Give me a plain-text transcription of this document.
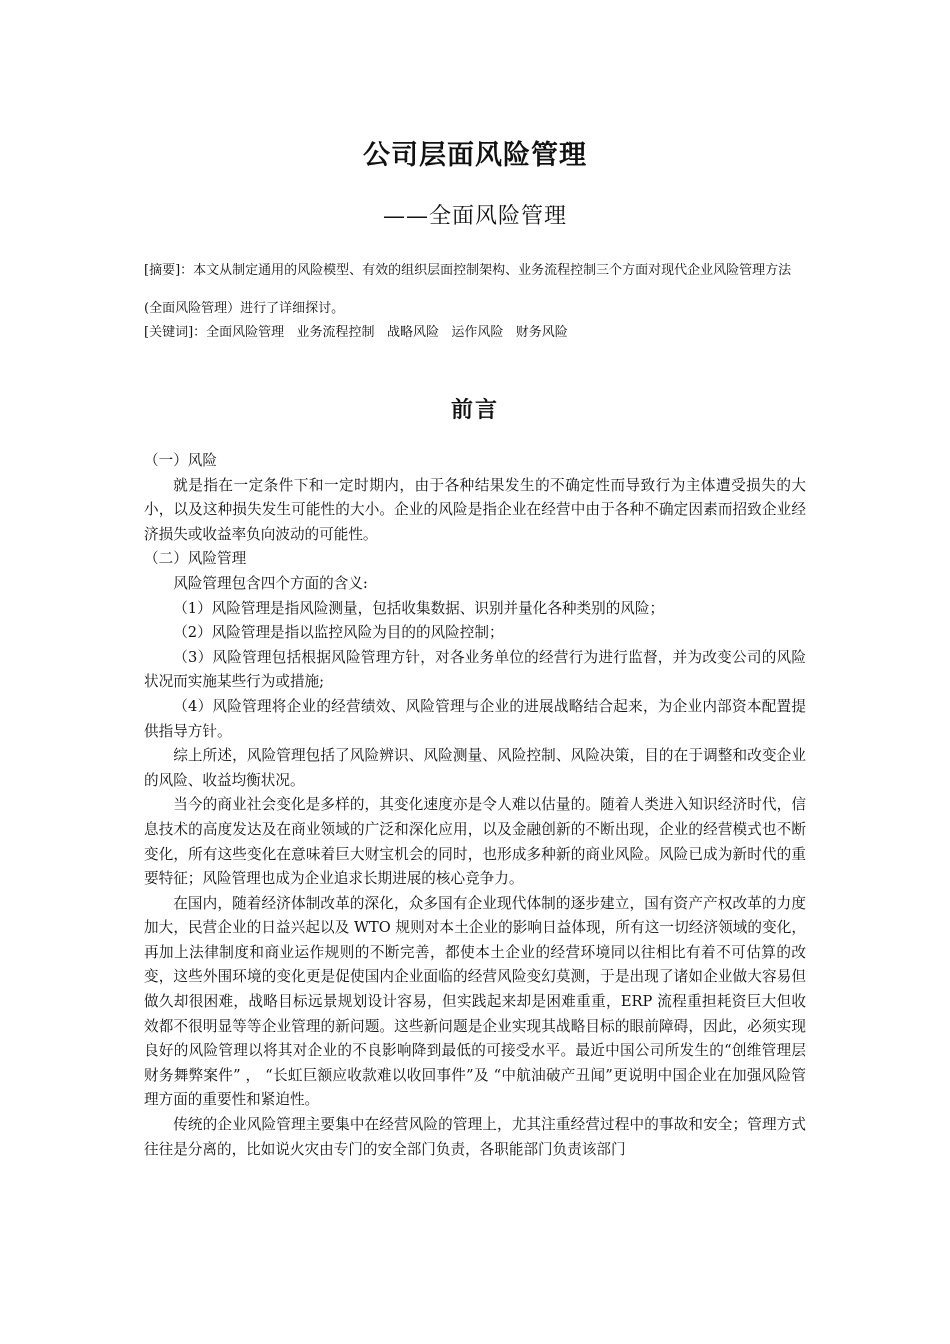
公司层面风险管理
——全面风险管理

[摘要]：本文从制定通用的风险模型、有效的组织层面控制架构、业务流程控制三个方面对现代企业风险管理方法 (全面风险管理）进行了详细探讨。

[关键词]：全面风险管理   业务流程控制   战略风险   运作风险   财务风险

前言

（一）风险

就是指在一定条件下和一定时期内，由于各种结果发生的不确定性而导致行为主体遭受损失的大小，以及这种损失发生可能性的大小。企业的风险是指企业在经营中由于各种不确定因素而招致企业经济损失或收益率负向波动的可能性。

（二）风险管理

风险管理包含四个方面的含义:

（1）风险管理是指风险测量，包括收集数据、识别并量化各种类别的风险；

（2）风险管理是指以监控风险为目的的风险控制；

（3）风险管理包括根据风险管理方针，对各业务单位的经营行为进行监督，并为改变公司的风险状况而实施某些行为或措施;

（4）风险管理将企业的经营绩效、风险管理与企业的进展战略结合起来，为企业内部资本配置提供指导方针。

综上所述，风险管理包括了风险辨识、风险测量、风险控制、风险决策，目的在于调整和改变企业的风险、收益均衡状况。

当今的商业社会变化是多样的，其变化速度亦是令人难以估量的。随着人类进入知识经济时代，信息技术的高度发达及在商业领域的广泛和深化应用，以及金融创新的不断出现，企业的经营模式也不断变化，所有这些变化在意味着巨大财宝机会的同时，也形成多种新的商业风险。风险已成为新时代的重要特征；风险管理也成为企业追求长期进展的核心竞争力。

在国内，随着经济体制改革的深化，众多国有企业现代体制的逐步建立，国有资产产权改革的力度加大，民营企业的日益兴起以及 WTO 规则对本土企业的影响日益体现，所有这一切经济领域的变化，再加上法律制度和商业运作规则的不断完善，都使本土企业的经营环境同以往相比有着不可估算的改变，这些外围环境的变化更是促使国内企业面临的经营风险变幻莫测，于是出现了诸如企业做大容易但做久却很困难，战略目标远景规划设计容易，但实践起来却是困难重重，ERP 流程重担耗资巨大但收效都不很明显等等企业管理的新问题。这些新问题是企业实现其战略目标的眼前障碍，因此，必须实现良好的风险管理以将其对企业的不良影响降到最低的可接受水平。最近中国公司所发生的“创维管理层财务舞弊案件” ， “长虹巨额应收款难以收回事件”及 “中航油破产丑闻”更说明中国企业在加强风险管理方面的重要性和紧迫性。

传统的企业风险管理主要集中在经营风险的管理上，尤其注重经营过程中的事故和安全；管理方式往往是分离的，比如说火灾由专门的安全部门负责，各职能部门负责该部门
